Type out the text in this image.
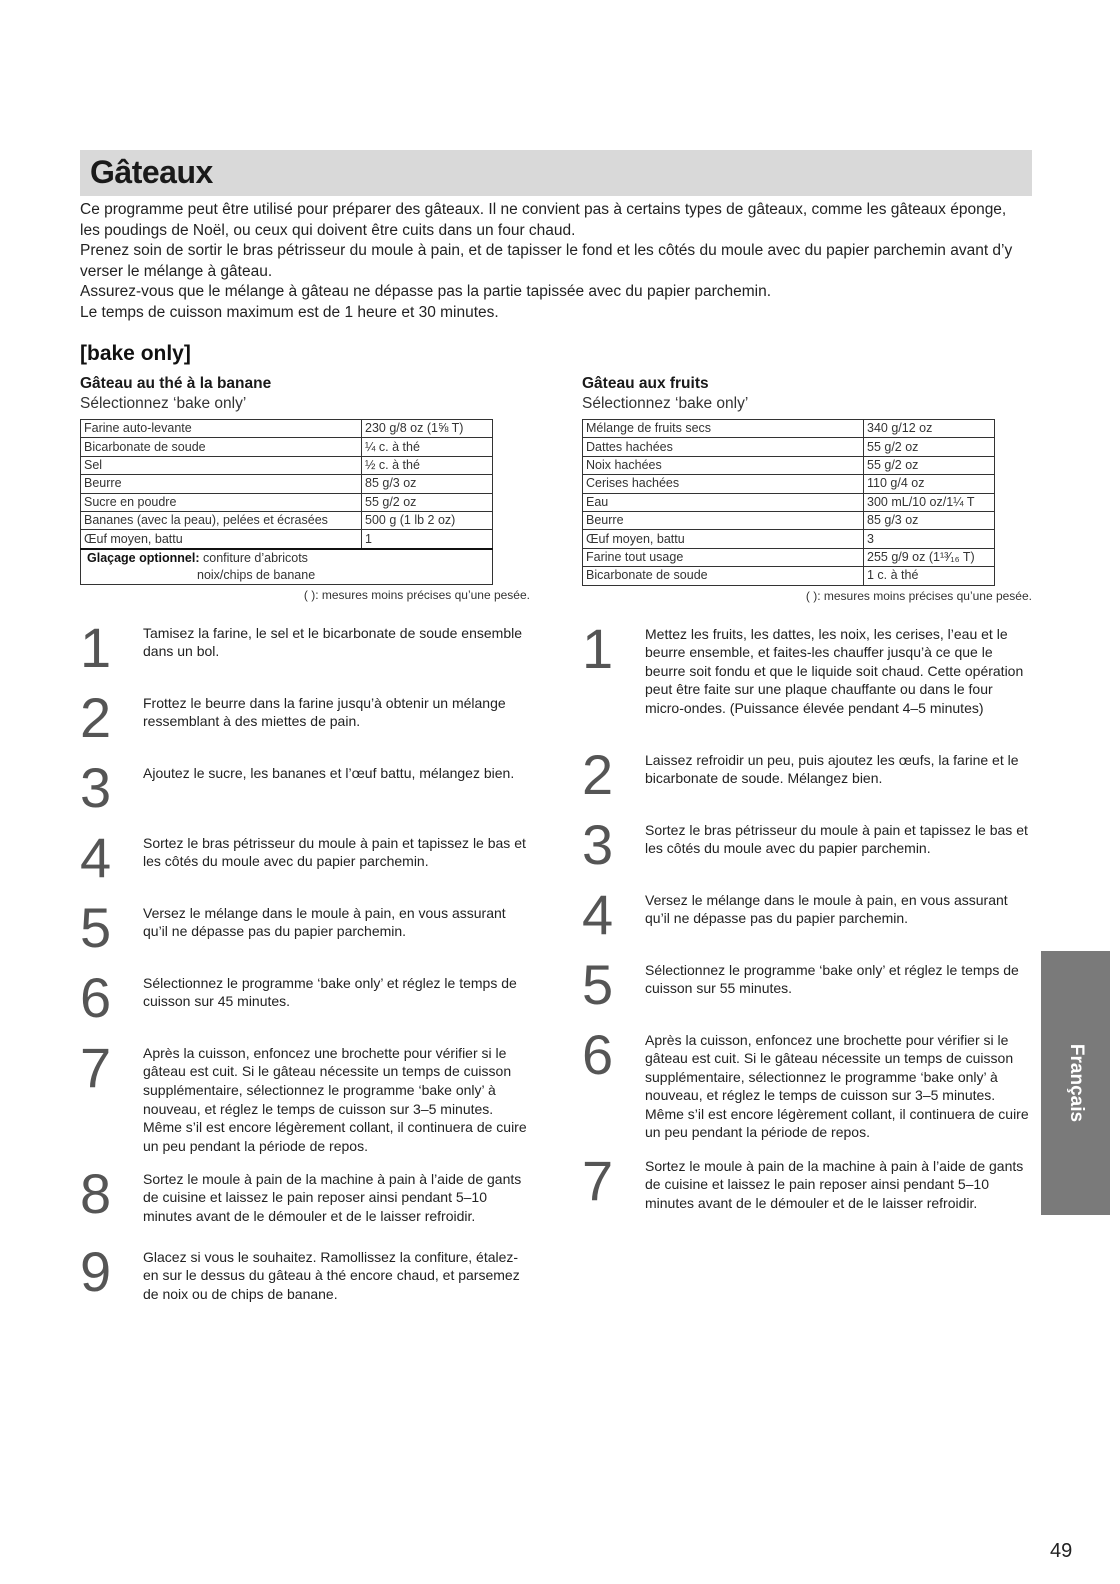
Gâteaux

Ce programme peut être utilisé pour préparer des gâteaux. Il ne convient pas à certains types de gâteaux, comme les gâteaux éponge, les poudings de Noël, ou ceux qui doivent être cuits dans un four chaud.

Prenez soin de sortir le bras pétrisseur du moule à pain, et de tapisser le fond et les côtés du moule avec du papier parchemin avant d’y verser le mélange à gâteau.

Assurez-vous que le mélange à gâteau ne dépasse pas la partie tapissée avec du papier parchemin.

Le temps de cuisson maximum est de 1 heure et 30 minutes.

[bake only]

Gâteau au thé à la banane

Sélectionnez ‘bake only’

Farine auto-levante	230 g/8 oz (1⅝ T)
Bicarbonate de soude	¼ c. à thé
Sel	½ c. à thé
Beurre	85 g/3 oz
Sucre en poudre	55 g/2 oz
Bananes (avec la peau), pelées et écrasées	500 g (1 lb 2 oz)
Œuf moyen, battu	1

Glaçage optionnel: confiture d’abricots
noix/chips de banane	
( ): mesures moins précises qu’une pesée.
1 Tamisez la farine, le sel et le bicarbonate de soude ensemble dans un bol.
2 Frottez le beurre dans la farine jusqu’à obtenir un mélange ressemblant à des miettes de pain.
3 Ajoutez le sucre, les bananes et l’œuf battu, mélangez bien.
4 Sortez le bras pétrisseur du moule à pain et tapissez le bas et les côtés du moule avec du papier parchemin.
5 Versez le mélange dans le moule à pain, en vous assurant qu’il ne dépasse pas du papier parchemin.
6 Sélectionnez le programme ‘bake only’ et réglez le temps de cuisson sur 45 minutes.
7 Après la cuisson, enfoncez une brochette pour vérifier si le gâteau est cuit. Si le gâteau nécessite un temps de cuisson supplémentaire, sélectionnez le programme ‘bake only’ à nouveau, et réglez le temps de cuisson sur 3–5 minutes. Même s’il est encore légèrement collant, il continuera de cuire un peu pendant la période de repos.
8 Sortez le moule à pain de la machine à pain à l’aide de gants de cuisine et laissez le pain reposer ainsi pendant 5–10 minutes avant de le démouler et de le laisser refroidir.
9 Glacez si vous le souhaitez. Ramollissez la confiture, étalez-en sur le dessus du gâteau à thé encore chaud, et parsemez de noix ou de chips de banane.

Gâteau aux fruits

Sélectionnez ‘bake only’

Mélange de fruits secs	340 g/12 oz
Dattes hachées	55 g/2 oz
Noix hachées	55 g/2 oz
Cerises hachées	110 g/4 oz
Eau	300 mL/10 oz/1¼ T
Beurre	85 g/3 oz
Œuf moyen, battu	3
Farine tout usage	255 g/9 oz (1¹³⁄₁₆ T)
Bicarbonate de soude	1 c. à thé
( ): mesures moins précises qu’une pesée.
1 Mettez les fruits, les dattes, les noix, les cerises, l’eau et le beurre ensemble, et faites-les chauffer jusqu’à ce que le beurre soit fondu et que le liquide soit chaud. Cette opération peut être faite sur une plaque chauffante ou dans le four micro-ondes. (Puissance élevée pendant 4–5 minutes)
2 Laissez refroidir un peu, puis ajoutez les œufs, la farine et le bicarbonate de soude. Mélangez bien.
3 Sortez le bras pétrisseur du moule à pain et tapissez le bas et les côtés du moule avec du papier parchemin.
4 Versez le mélange dans le moule à pain, en vous assurant qu’il ne dépasse pas du papier parchemin.
5 Sélectionnez le programme ‘bake only’ et réglez le temps de cuisson sur 55 minutes.
6 Après la cuisson, enfoncez une brochette pour vérifier si le gâteau est cuit. Si le gâteau nécessite un temps de cuisson supplémentaire, sélectionnez le programme ‘bake only’ à nouveau, et réglez le temps de cuisson sur 3–5 minutes. Même s’il est encore légèrement collant, il continuera de cuire un peu pendant la période de repos.
7 Sortez le moule à pain de la machine à pain à l’aide de gants de cuisine et laissez le pain reposer ainsi pendant 5–10 minutes avant de le démouler et de le laisser refroidir.
Français
49
